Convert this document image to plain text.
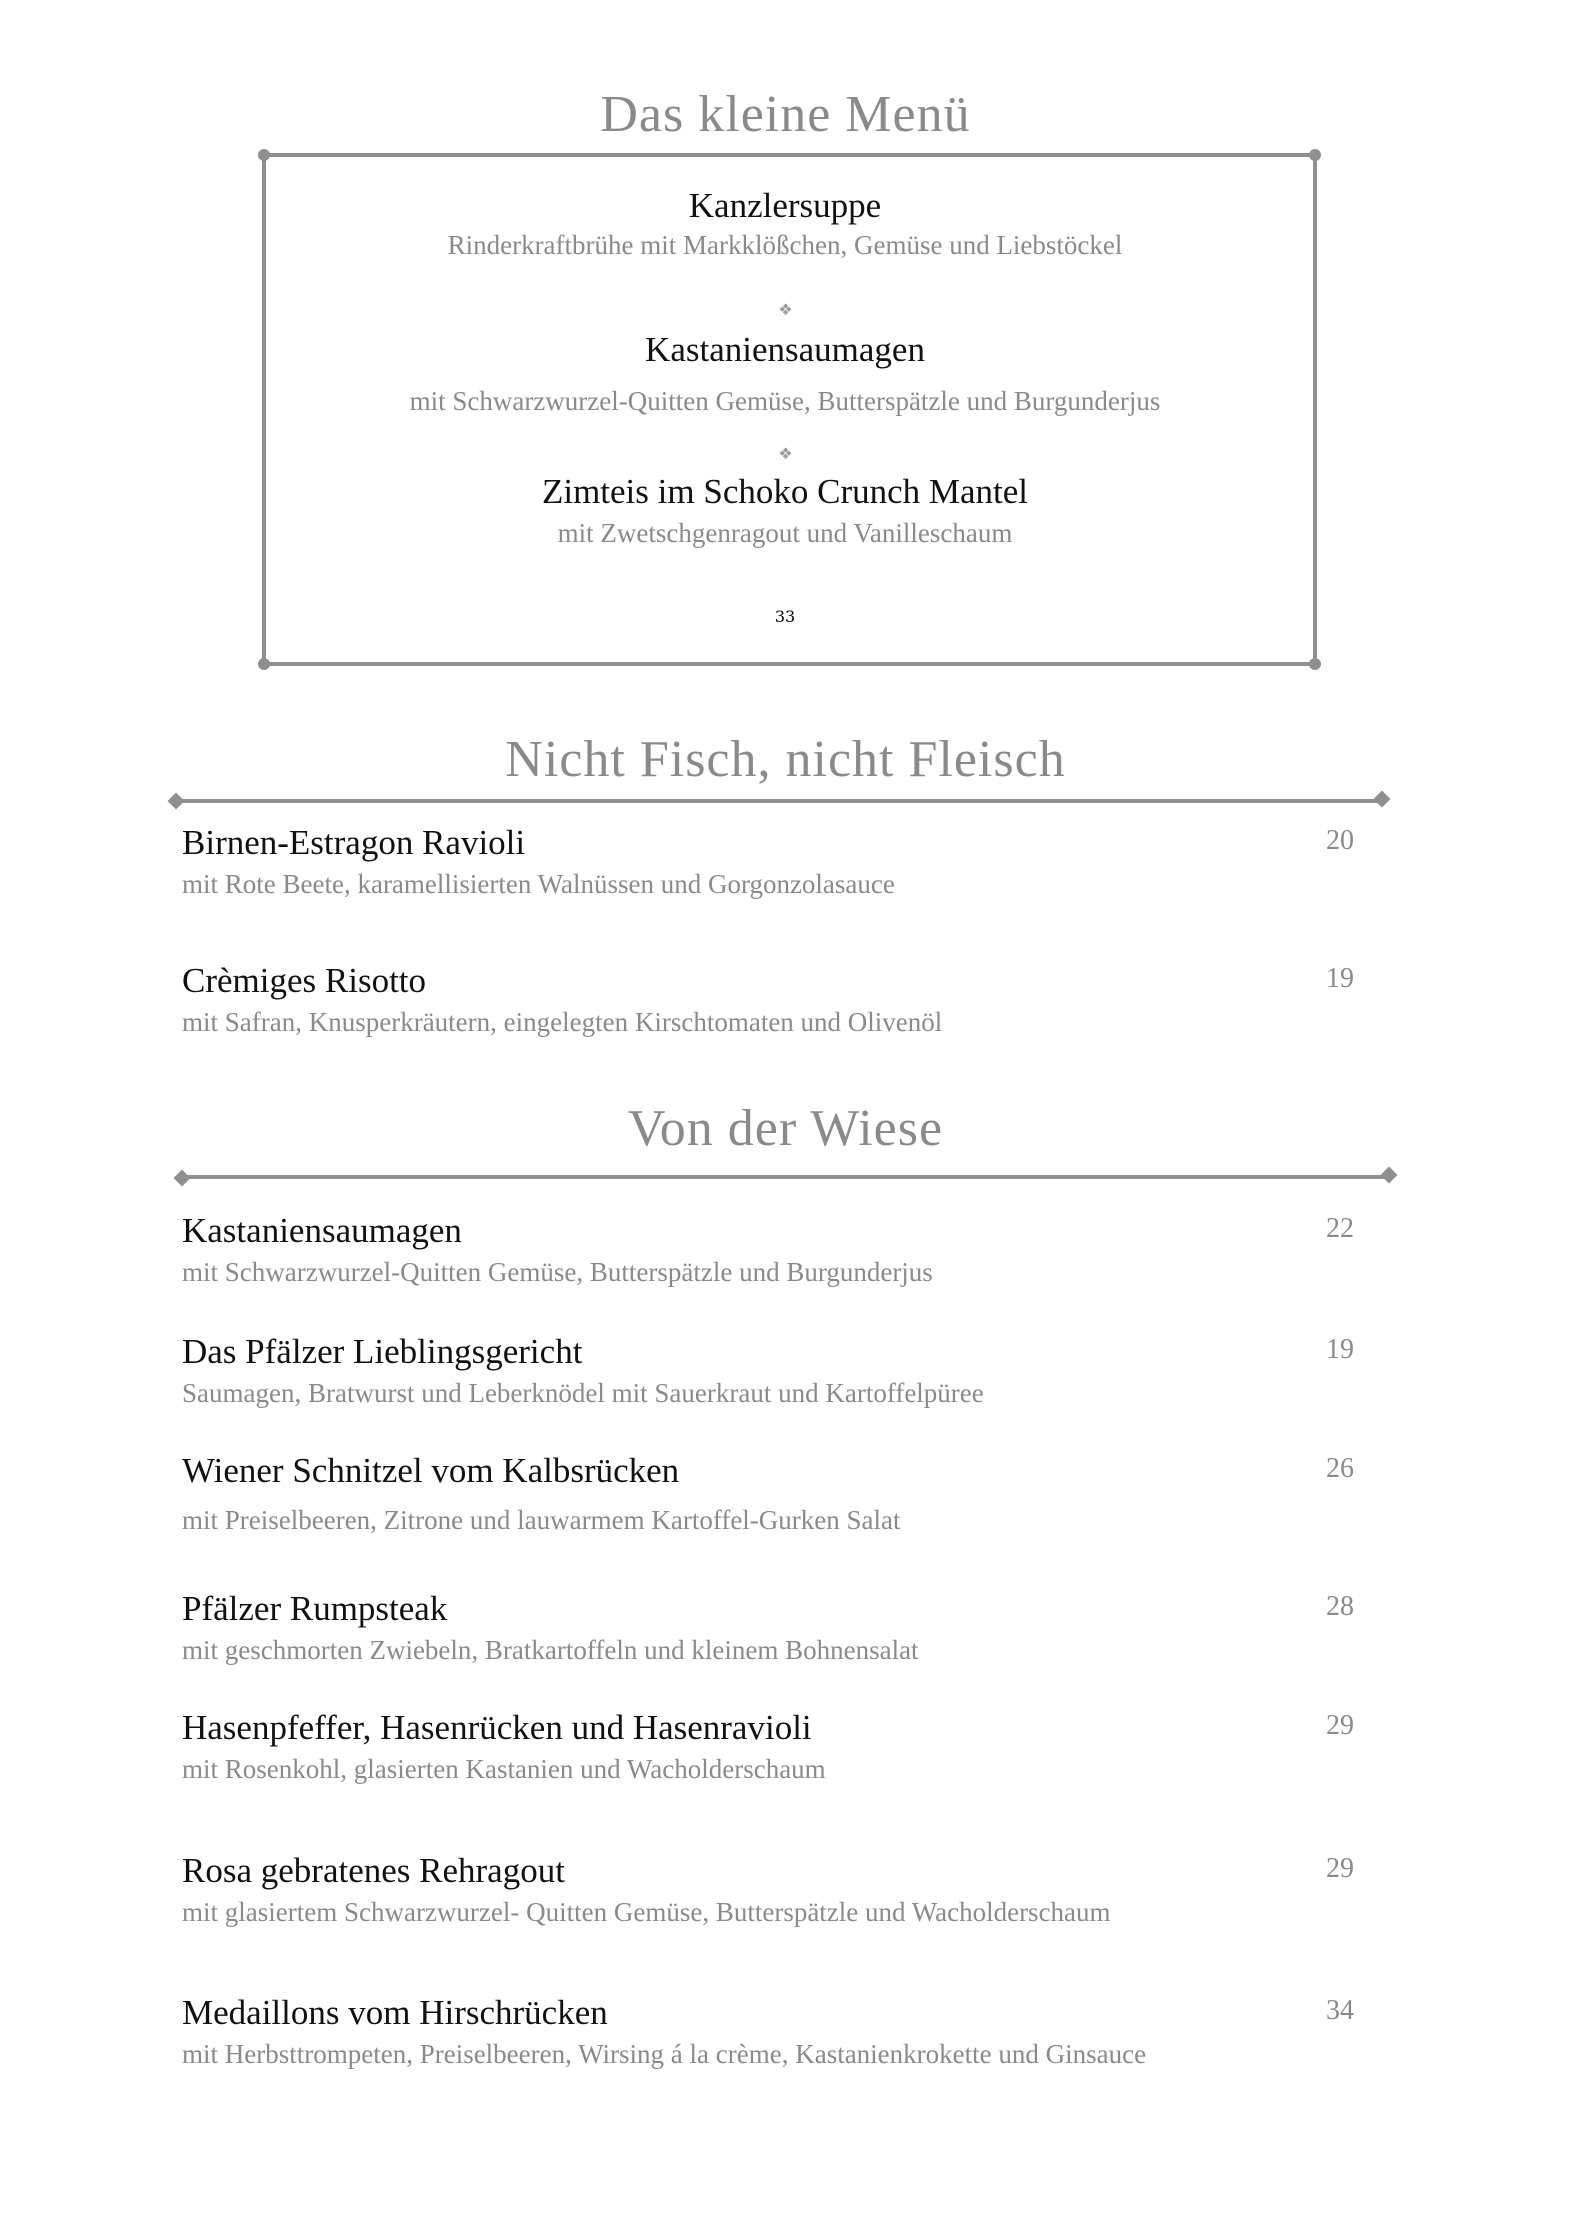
Das kleine Menü
Kanzlersuppe
Rinderkraftbrühe mit Markklößchen, Gemüse und Liebstöckel
❖
Kastaniensaumagen
mit Schwarzwurzel-Quitten Gemüse, Butterspätzle und Burgunderjus
❖
Zimteis im Schoko Crunch Mantel
mit Zwetschgenragout und Vanilleschaum
33
Nicht Fisch, nicht Fleisch
Birnen-Estragon Ravioli	20
mit Rote Beete, karamellisierten Walnüssen und Gorgonzolasauce
Crèmiges Risotto	19
mit Safran, Knusperkräutern, eingelegten Kirschtomaten und Olivenöl
Von der Wiese
Kastaniensaumagen	22
mit Schwarzwurzel-Quitten Gemüse, Butterspätzle und Burgunderjus
Das Pfälzer Lieblingsgericht	19
Saumagen, Bratwurst und Leberknödel mit Sauerkraut und Kartoffelpüree
Wiener Schnitzel vom Kalbsrücken	26
mit Preiselbeeren, Zitrone und lauwarmem Kartoffel-Gurken Salat
Pfälzer Rumpsteak	28
mit geschmorten Zwiebeln, Bratkartoffeln und kleinem Bohnensalat
Hasenpfeffer, Hasenrücken und Hasenravioli	29
mit Rosenkohl, glasierten Kastanien und Wacholderschaum
Rosa gebratenes Rehragout	29
mit glasiertem Schwarzwurzel- Quitten Gemüse, Butterspätzle und Wacholderschaum
Medaillons vom Hirschrücken	34
mit Herbsttrompeten, Preiselbeeren, Wirsing á la crème, Kastanienkrokette und Ginsauce
